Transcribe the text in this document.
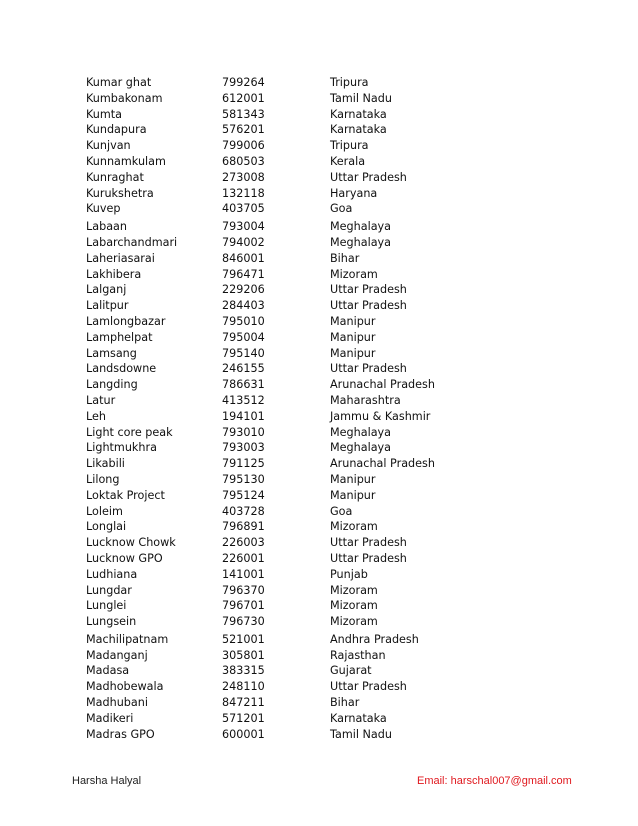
Kumar ghat	799264	Tripura
Kumbakonam	612001	Tamil Nadu
Kumta	581343	Karnataka
Kundapura	576201	Karnataka
Kunjvan	799006	Tripura
Kunnamkulam	680503	Kerala
Kunraghat	273008	Uttar Pradesh
Kurukshetra	132118	Haryana
Kuvep	403705	Goa
Labaan	793004	Meghalaya
Labarchandmari	794002	Meghalaya
Laheriasarai	846001	Bihar
Lakhibera	796471	Mizoram
Lalganj	229206	Uttar Pradesh
Lalitpur	284403	Uttar Pradesh
Lamlongbazar	795010	Manipur
Lamphelpat	795004	Manipur
Lamsang	795140	Manipur
Landsdowne	246155	Uttar Pradesh
Langding	786631	Arunachal Pradesh
Latur	413512	Maharashtra
Leh	194101	Jammu & Kashmir
Light core peak	793010	Meghalaya
Lightmukhra	793003	Meghalaya
Likabili	791125	Arunachal Pradesh
Lilong	795130	Manipur
Loktak Project	795124	Manipur
Loleim	403728	Goa
Longlai	796891	Mizoram
Lucknow Chowk	226003	Uttar Pradesh
Lucknow GPO	226001	Uttar Pradesh
Ludhiana	141001	Punjab
Lungdar	796370	Mizoram
Lunglei	796701	Mizoram
Lungsein	796730	Mizoram
Machilipatnam	521001	Andhra Pradesh
Madanganj	305801	Rajasthan
Madasa	383315	Gujarat
Madhobewala	248110	Uttar Pradesh
Madhubani	847211	Bihar
Madikeri	571201	Karnataka
Madras GPO	600001	Tamil Nadu
Harsha Halyal	Email: harschal007@gmail.com
